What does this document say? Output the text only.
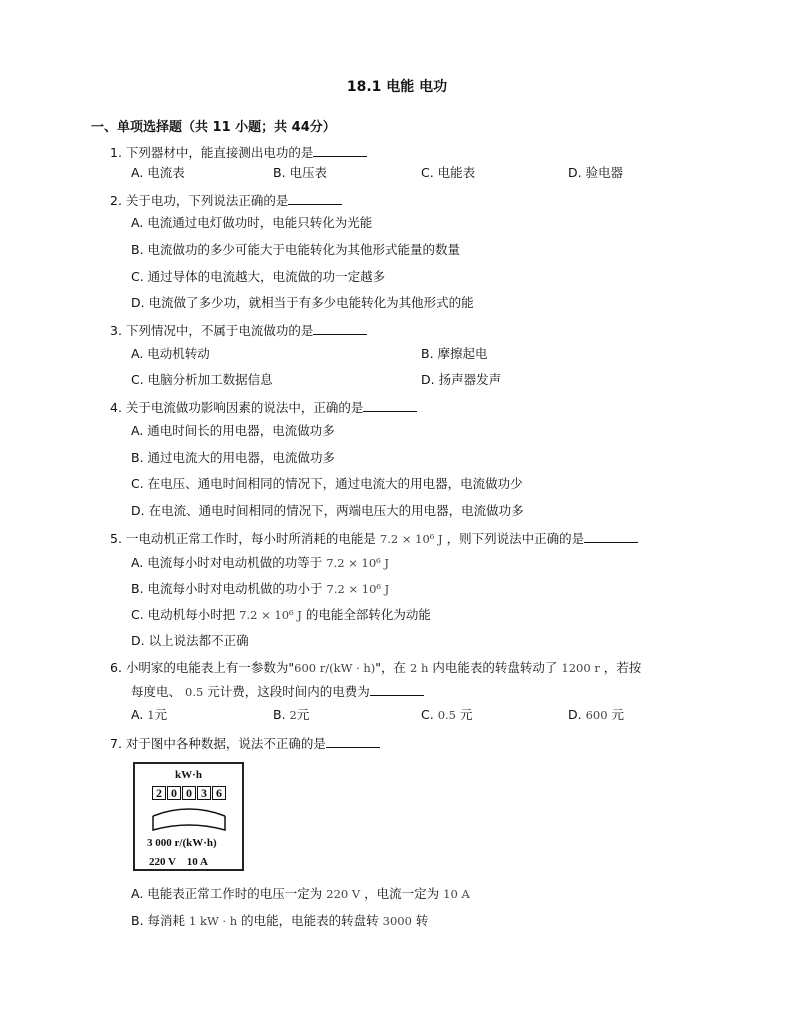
18.1 电能 电功
一、单项选择题（共 11 小题；共 44分）
1. 下列器材中，能直接测出电功的是
A. 电流表	B. 电压表	C. 电能表	D. 验电器
2. 关于电功，下列说法正确的是
A. 电流通过电灯做功时，电能只转化为光能
B. 电流做功的多少可能大于电能转化为其他形式能量的数量
C. 通过导体的电流越大，电流做的功一定越多
D. 电流做了多少功，就相当于有多少电能转化为其他形式的能
3. 下列情况中，不属于电流做功的是
A. 电动机转动	B. 摩擦起电
C. 电脑分析加工数据信息	D. 扬声器发声
4. 关于电流做功影响因素的说法中，正确的是
A. 通电时间长的用电器，电流做功多
B. 通过电流大的用电器，电流做功多
C. 在电压、通电时间相同的情况下，通过电流大的用电器，电流做功少
D. 在电流、通电时间相同的情况下，两端电压大的用电器，电流做功多
5. 一电动机正常工作时，每小时所消耗的电能是 7.2 × 10⁶ J ，则下列说法中正确的是
A. 电流每小时对电动机做的功等于 7.2 × 10⁶ J
B. 电流每小时对电动机做的功小于 7.2 × 10⁶ J
C. 电动机每小时把 7.2 × 10⁶ J 的电能全部转化为动能
D. 以上说法都不正确
6. 小明家的电能表上有一参数为"600 r/(kW · h)"，在 2 h 内电能表的转盘转动了 1200 r ，若按
每度电、 0.5 元计费，这段时间内的电费为
A. 1元	B. 2元	C. 0.5 元	D. 600 元
7. 对于图中各种数据，说法不正确的是
kW·h
2 0 0 3 6
3 000 r/(kW·h)
220 V　10 A
A. 电能表正常工作时的电压一定为 220 V ，电流一定为 10 A
B. 每消耗 1 kW · h 的电能，电能表的转盘转 3000 转
